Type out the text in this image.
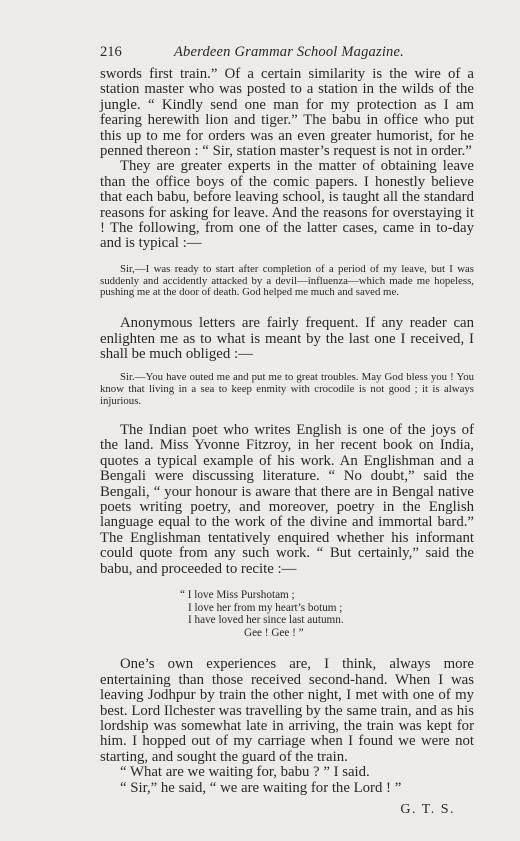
216	Aberdeen Grammar School Magazine.

swords first train.” Of a certain similarity is the wire of a station master who was posted to a station in the wilds of the jungle. “ Kindly send one man for my protection as I am fearing herewith lion and tiger.” The babu in office who put this up to me for orders was an even greater humorist, for he penned thereon : “ Sir, station master’s request is not in order.”

They are greater experts in the matter of obtaining leave than the office boys of the comic papers. I honestly believe that each babu, before leaving school, is taught all the standard reasons for asking for leave. And the reasons for overstaying it ! The following, from one of the latter cases, came in to-day and is typical :—

Sir,—I was ready to start after completion of a period of my leave, but I was suddenly and accidently attacked by a devil—influenza—which made me hopeless, pushing me at the door of death. God helped me much and saved me.

Anonymous letters are fairly frequent. If any reader can enlighten me as to what is meant by the last one I received, I shall be much obliged :—

Sir.—You have outed me and put me to great troubles. May God bless you ! You know that living in a sea to keep enmity with crocodile is not good ; it is always injurious.

The Indian poet who writes English is one of the joys of the land. Miss Yvonne Fitzroy, in her recent book on India, quotes a typical example of his work. An Englishman and a Bengali were discussing literature. “ No doubt,” said the Bengali, “ your honour is aware that there are in Bengal native poets writing poetry, and moreover, poetry in the English language equal to the work of the divine and immortal bard.” The Englishman tentatively enquired whether his informant could quote from any such work. “ But certainly,” said the babu, and proceeded to recite :—

“ I love Miss Purshotam ;
I love her from my heart’s botum ;
I have loved her since last autumn.
Gee ! Gee ! ”

One’s own experiences are, I think, always more entertaining than those received second-hand. When I was leaving Jodhpur by train the other night, I met with one of my best. Lord Ilchester was travelling by the same train, and as his lordship was somewhat late in arriving, the train was kept for him. I hopped out of my carriage when I found we were not starting, and sought the guard of the train.

“ What are we waiting for, babu ? ” I said.

“ Sir,” he said, “ we are waiting for the Lord ! ”

G. T. S.
